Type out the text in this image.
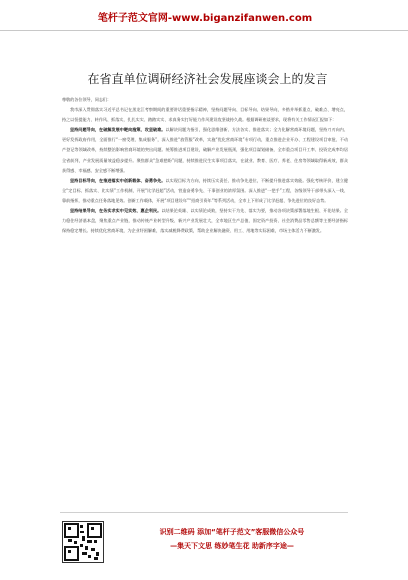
笔杆子范文官网-www.biganzifanwen.com
在省直单位调研经济社会发展座谈会上的发言

尊敬的各位领导，同志们：

我市深入贯彻落实习近平总书记在黑龙江考察期间的重要讲话重要指示精神，坚持问题导向、目标导向、结果导向，多措并举抓重点、破难点、增亮点，持之以恒提能力、转作风、抓落实，扎扎实实、踏踏实实、求真务实打好能力作风建设攻坚战持久战。根据调研座谈要求，现将有关工作情况汇报如下：

坚持问题导向，在破解发展中靶向施策、攻坚破难。以解决问题为指引，强化思维创新、方法各实、推进落实；全力化解营商环境问题，坚持刀刃向内、更好发挥政府作用，全面推行“一窗受理、集成服务”，深入推进“放管服”改革，实施“优化营商环境”专项行动，重点推进企业开办、工程建设项目审批、不动产登记等领域改革，持续整治影响营商环境的突出问题。统筹推进项目建设，破解产业发展瓶颈，强化项目谋划储备，全市重点项目开工率、投资完成率均居全省前列，产业发展质量效益稳步提升。聚焦群众“急难愁盼”问题，持续推进民生实事项目落实，在就业、教育、医疗、养老、住房等领域取得新成效，群众获得感、幸福感、安全感不断增强。

坚持目标导向，在推进落实中创新载体、奋勇争先。以实现目标为方向，持续压实责任、推动争先进位，不断提升推进落实效能。强化考核评价，建立健全“定目标、抓落实、比实绩”工作机制，开展“比学赶超”活动，营造奋勇争先、干事创业的浓厚氛围。深入推进“一把手”工程，各级领导干部带头深入一线、靠前指挥，推动重点任务落地见效。创新工作载体，开展“项目建设年”“招商引资年”等系列活动，全市上下形成了比学赶超、争先进位的良好态势。

坚持结果导向，在务实求实中见实效、惠企利民。以结果论英雄、以实绩论成败，坚持实干为先、落实为要，推动各项决策部署落地生根、开花结果。全力稳住经济基本盘，聚焦重点产业链，推动传统产业转型升级、新兴产业发展壮大，全市地区生产总值、固定资产投资、社会消费品零售总额等主要经济指标保持稳定增长。持续优化营商环境，为企业纾困解难，落实减税降费政策，帮助企业解决融资、用工、用地等实际困难，市场主体活力不断激发。

识别二维码 添加“笔杆子范文”客服微信公众号
—集天下文思 练妙笔生花 助新序字途—
